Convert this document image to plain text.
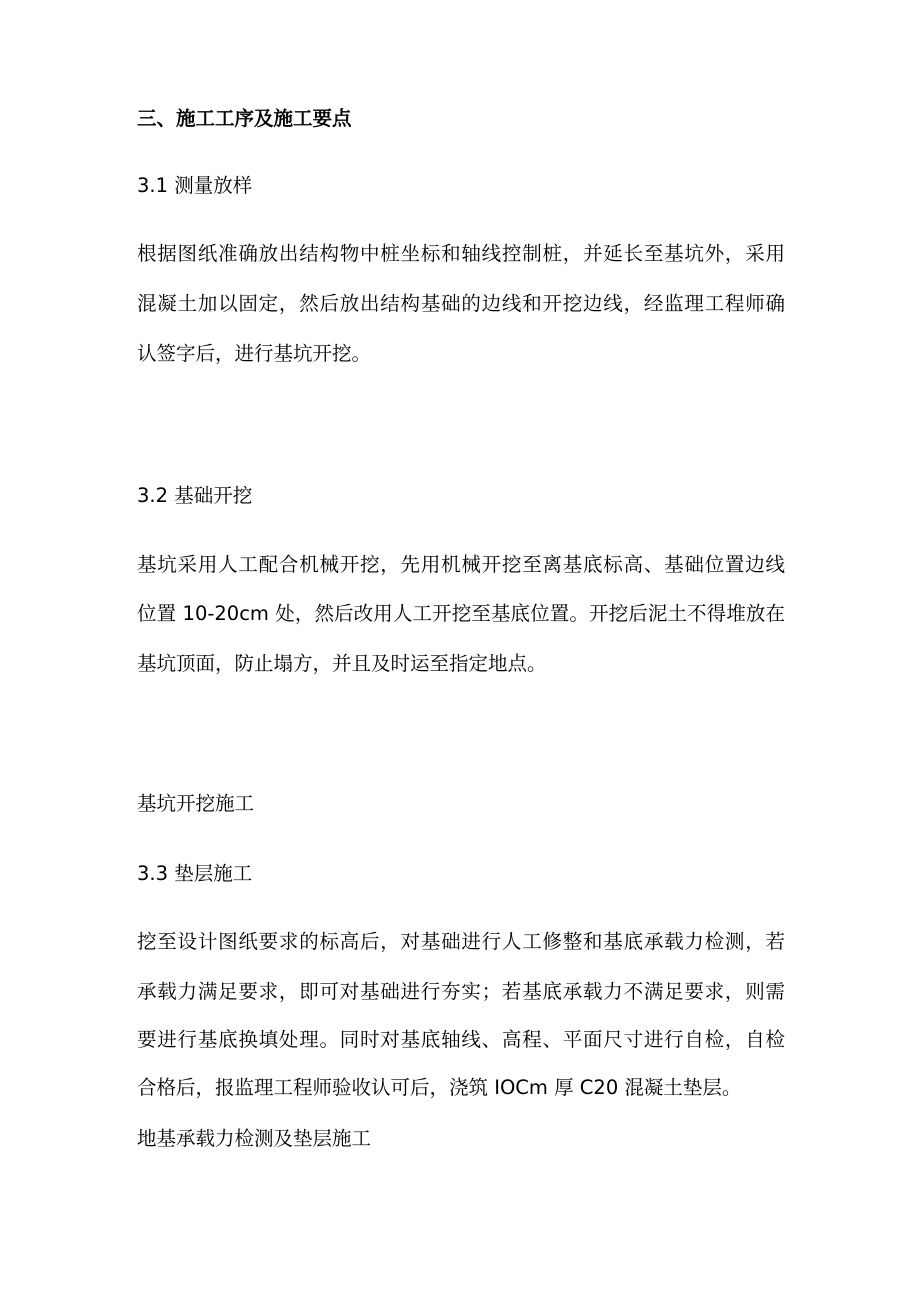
三、施工工序及施工要点
3.1 测量放样
根据图纸准确放出结构物中桩坐标和轴线控制桩，并延长至基坑外，采用
混凝土加以固定，然后放出结构基础的边线和开挖边线，经监理工程师确
认签字后，进行基坑开挖。
3.2 基础开挖
基坑采用人工配合机械开挖，先用机械开挖至离基底标高、基础位置边线
位置 10-20cm 处，然后改用人工开挖至基底位置。开挖后泥土不得堆放在
基坑顶面，防止塌方，并且及时运至指定地点。
基坑开挖施工
3.3 垫层施工
挖至设计图纸要求的标高后，对基础进行人工修整和基底承载力检测，若
承载力满足要求，即可对基础进行夯实；若基底承载力不满足要求，则需
要进行基底换填处理。同时对基底轴线、高程、平面尺寸进行自检，自检
合格后，报监理工程师验收认可后，浇筑 IOCm 厚 C20 混凝土垫层。
地基承载力检测及垫层施工
